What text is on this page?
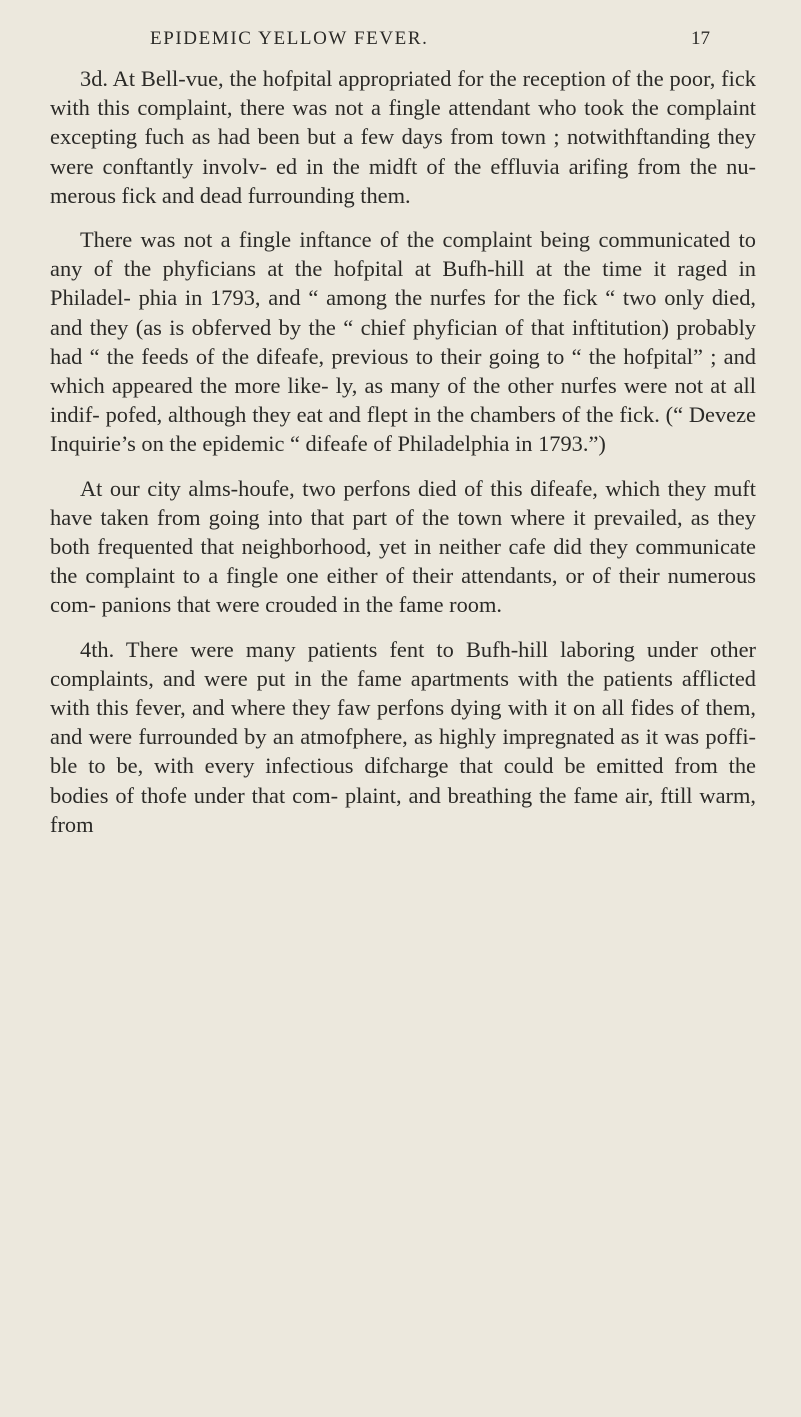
EPIDEMIC YELLOW FEVER.	17

3d. At Bell-vue, the hofpital appropriated for the reception of the poor, fick with this complaint, there was not a fingle attendant who took the complaint excepting fuch as had been but a few days from town ; notwithftanding they were conftantly involv- ed in the midft of the effluvia arifing from the nu- merous fick and dead furrounding them.

There was not a fingle inftance of the complaint being communicated to any of the phyficians at the hofpital at Bufh-hill at the time it raged in Philadel- phia in 1793, and “ among the nurfes for the fick “ two only died, and they (as is obferved by the “ chief phyfician of that inftitution) probably had “ the feeds of the difeafe, previous to their going to “ the hofpital” ; and which appeared the more like- ly, as many of the other nurfes were not at all indif- pofed, although they eat and flept in the chambers of the fick. (“ Deveze Inquirie’s on the epidemic “ difeafe of Philadelphia in 1793.”)

At our city alms-houfe, two perfons died of this difeafe, which they muft have taken from going into that part of the town where it prevailed, as they both frequented that neighborhood, yet in neither cafe did they communicate the complaint to a fingle one either of their attendants, or of their numerous com- panions that were crouded in the fame room.

4th. There were many patients fent to Bufh-hill laboring under other complaints, and were put in the fame apartments with the patients afflicted with this fever, and where they faw perfons dying with it on all fides of them, and were furrounded by an atmofphere, as highly impregnated as it was poffi- ble to be, with every infectious difcharge that could be emitted from the bodies of thofe under that com- plaint, and breathing the fame air, ftill warm, from
